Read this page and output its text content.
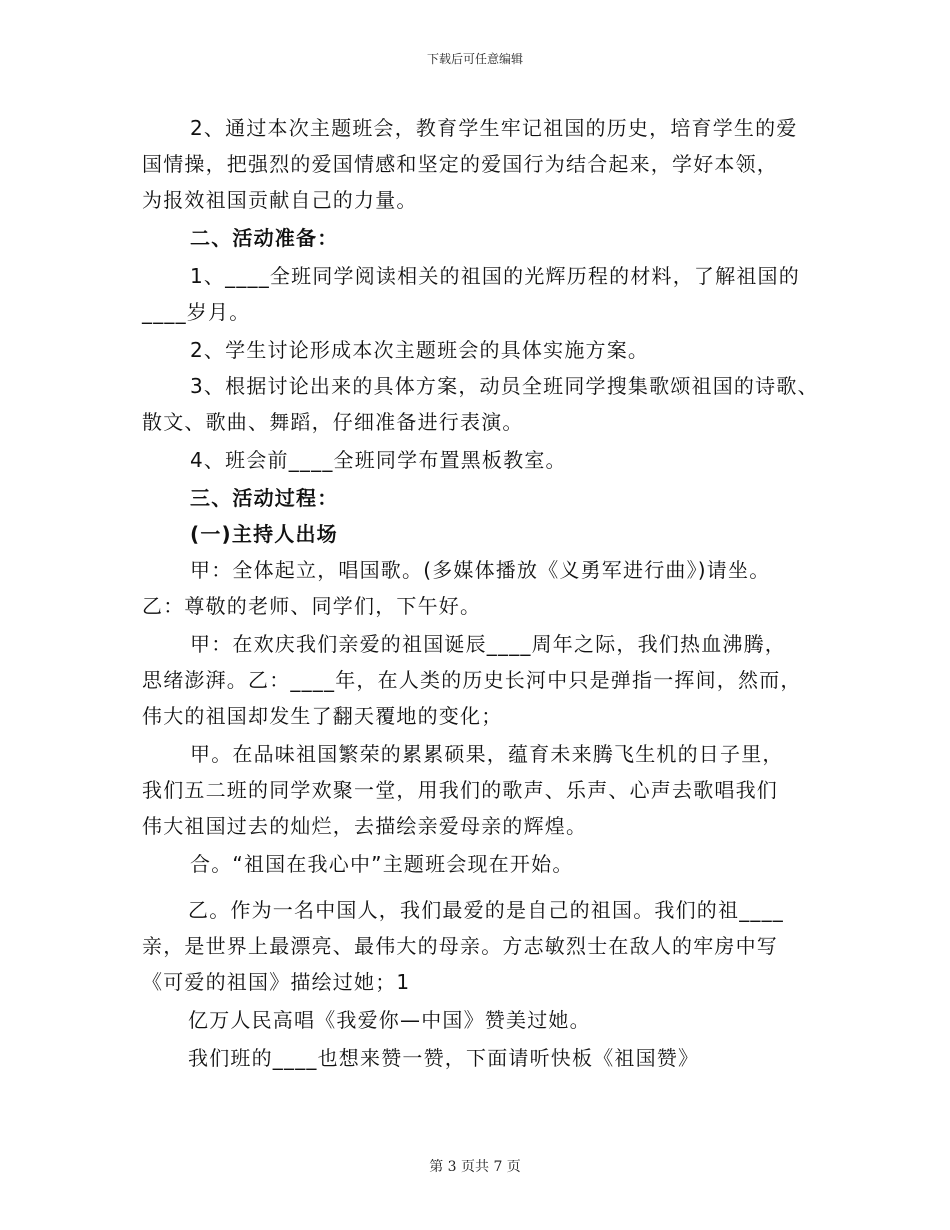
下载后可任意编辑
2、通过本次主题班会，教育学生牢记祖国的历史，培育学生的爱
国情操，把强烈的爱国情感和坚定的爱国行为结合起来，学好本领，
为报效祖国贡献自己的力量。
二、活动准备：
1、____全班同学阅读相关的祖国的光辉历程的材料，了解祖国的
____岁月。
2、学生讨论形成本次主题班会的具体实施方案。
3、根据讨论出来的具体方案，动员全班同学搜集歌颂祖国的诗歌、
散文、歌曲、舞蹈，仔细准备进行表演。
4、班会前____全班同学布置黑板教室。
三、活动过程：
(一)主持人出场
甲：全体起立，唱国歌。(多媒体播放《义勇军进行曲》)请坐。
乙：尊敬的老师、同学们，下午好。
甲：在欢庆我们亲爱的祖国诞辰____周年之际，我们热血沸腾，
思绪澎湃。乙：____年，在人类的历史长河中只是弹指一挥间，然而，
伟大的祖国却发生了翻天覆地的变化；
甲。在品味祖国繁荣的累累硕果，蕴育未来腾飞生机的日子里，
我们五二班的同学欢聚一堂，用我们的歌声、乐声、心声去歌唱我们
伟大祖国过去的灿烂，去描绘亲爱母亲的辉煌。
合。“祖国在我心中”主题班会现在开始。
乙。作为一名中国人，我们最爱的是自己的祖国。我们的祖____
亲，是世界上最漂亮、最伟大的母亲。方志敏烈士在敌人的牢房中写
《可爱的祖国》描绘过她；1
亿万人民高唱《我爱你—中国》赞美过她。
我们班的____也想来赞一赞，下面请听快板《祖国赞》
第 3 页共 7 页
